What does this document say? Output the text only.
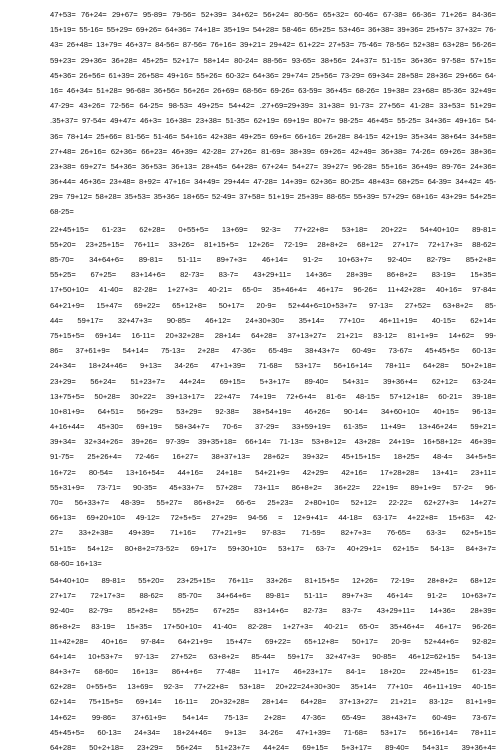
47+53= 76+24= 29+67= 95-89= 79-56= 52+39= 34+62= 56+24= 80-56= 65+32= 60-46= 67-38= 66-36= 71+26= 84-36=
15+19= 55-16= 55+29= 69+26= 64+36= 74+18= 35+19= 54+28= 58-46= 65+25= 53+46= 36+38= 39+36= 25+57= 37+32= 76-
43= 26+48= 13+79= 46+37= 84-56= 87-56= 76+16= 39+21= 29+42= 61+22= 27+53= 75-46= 78-56= 52+38= 63+28= 56-26=
59+23= 29+36= 36+28= 45+25= 52+17= 58+14= 80-24= 88-56= 93-65= 38+56= 24+37= 51-15= 36+36= 97-58= 57+15=
45+36= 26+56= 61+39= 26+58= 49+16= 55+26= 60-32= 64+36= 29+74= 25+56= 73-29= 69+34= 28+58= 28+36= 29+66= 64-
16= 46+34= 51+28= 96-68= 36+56= 56+26= 26+69= 68-56= 69-26= 63-59= 36+45= 68-26= 19+38= 23+68= 85-36= 32+49=
47-29= 43+26= 72-56= 64-25= 98-53= 49+25= 54+42= .27+69=29+39= 31+38= 91-73= 27+56= 41-28= 33+53= 51+29=
.35+37= 97-54= 49+47= 46+3= 16+38= 23+38= 51-35= 62+19= 69+19= 80+7= 98-25= 46+45= 55-25= 34+36= 49+16= 54-
36= 78+14= 25+66= 81-56= 51-46= 54+16= 42+38= 49+25= 69+6= 66+16= 26+28= 84-15= 42+19= 35+34= 38+64= 34+58=
27+48= 26+16= 62+36= 66+23= 46+39= 42-28= 27+26= 81-69= 38+39= 69+26= 42+49= 36+38= 74-26= 69+26= 38+36=
23+38= 69+27= 54+36= 36+53= 36+13= 28+45= 64+28= 67+24= 54+27= 39+27= 96-28= 55+16= 36+49= 89-76= 24+36=
36+44= 46+36= 23+48= 8+92= 47+16= 34+49= 29+44= 47-28= 14+39= 62+36= 80-25= 48+43= 68+25= 64-39= 34+42= 45-
29= 79+12= 58+28= 35+53= 35+36= 18+65= 52-49= 37+58= 51+19= 25+39= 88-65= 55+39= 57+29= 68+16= 43+29= 54+25=
68-25=
22+45+15= 61-23= 62+28= 0+55+5= 13+69= 92-3= 77+22+8= 53+18= 20+22= 54+40+10= 89-81=
55+20= 23+25+15= 76+11= 33+26= 81+15+5= 12+26= 72-19= 28+8+2= 68+12= 27+17= 72+17+3= 88-62=
85-70= 34+64+6= 89-81= 51-11= 89+7+3= 46+14= 91-2= 10+63+7= 92-40= 82-79= 85+2+8=
55+25= 67+25= 83+14+6= 82-73= 83-7= 43+29+11= 14+36= 28+39= 86+8+2= 83-19= 15+35=
17+50+10= 41-40= 82-28= 1+27+3= 40-21= 65-0= 35+46+4= 46+17= 96-26= 11+42+28= 40+16= 97-84=
64+21+9= 15+47= 69+22= 65+12+8= 50+17= 20-9= 52+44+6=10+53+7= 97-13= 27+52= 63+8+2= 85-
44= 59+17= 32+47+3= 90-85= 46+12= 24+30+30= 35+14= 77+10= 46+11+19= 40-15= 62+14=
75+15+5= 69+14= 16-11= 20+32+28= 28+14= 64+28= 37+13+27= 21+21= 83-12= 81+1+9= 14+62= 99-
86= 37+61+9= 54+14= 75-13= 2+28= 47-36= 65-49= 38+43+7= 60-49= 73-67= 45+45+5= 60-13=
24+34= 18+24+46= 9+13= 34-26= 47+1+39= 71-68= 53+17= 56+16+14= 78+11= 64+28= 50+2+18=
23+29= 56+24= 51+23+7= 44+24= 69+15= 5+3+17= 89-40= 54+31= 39+36+4= 62+12= 63-24=
13+75+5= 50+28= 30+22= 39+13+17= 22+47= 74+19= 72+6+4= 81-6= 48-15= 57+12+18= 60-21= 39-18=
10+81+9= 64+51= 56+29= 53+29= 92-38= 38+54+19= 46+26= 90-14= 34+60+10= 40+15= 96-13=
4+16+44= 45+30= 69+19= 58+34+7= 70-6= 37-29= 33+59+19= 61-35= 11+49= 13+46+24= 59+21=
39+34= 32+34+26= 39+26= 97-39= 39+35+18= 66+14= 71-13= 53+8+12= 43+28= 24+19= 16+58+12= 46+39=
91-75= 25+26+4= 72-46= 16+27= 38+37+13= 28+62= 39+32= 45+15+15= 18+25= 48-4= 34+5+5=
16+72= 80-54= 13+16+54= 44+16= 24+18= 54+21+9= 42+29= 42+16= 17+28+28= 13+41= 23+11=
55+31+9= 73-71= 90-35= 45+33+7= 57+28= 73+11= 86+8+2= 36+22= 22+19= 89+1+9= 57-2= 96-
70= 56+33+7= 48-39= 55+27= 86+8+2= 66-6= 25+23= 2+80+10= 52+12= 22-22= 62+27+3= 14+27=
66+13= 69+20+10= 49-12= 72+5+5= 27+29= 94-56 = 12+9+41= 44-18= 63-17= 4+22+8= 15+63= 42-
27= 33+2+38= 49+39= 71+16= 77+21+9= 97-83= 71-59= 82+7+3= 76-65= 63-3= 62+5+15=
51+15= 54+12= 80+8+2=73-52= 69+17= 59+30+10= 53+17= 63-7= 40+29+1= 62+15= 54-13= 84+3+7=
68-60= 16+13=
54+40+10= 89-81= 55+20= 23+25+15= 76+11= 33+26= 81+15+5= 12+26= 72-19= 28+8+2= 68+12=
27+17= 72+17+3= 88-62= 85-70= 34+64+6= 89-81= 51-11= 89+7+3= 46+14= 91-2= 10+63+7=
92-40= 82-79= 85+2+8= 55+25= 67+25= 83+14+6= 82-73= 83-7= 43+29+11= 14+36= 28+39=
86+8+2= 83-19= 15+35= 17+50+10= 41-40= 82-28= 1+27+3= 40-21= 65-0= 35+46+4= 46+17= 96-26=
11+42+28= 40+16= 97-84= 64+21+9= 15+47= 69+22= 65+12+8= 50+17= 20-9= 52+44+6= 92-82=
64+14= 10+53+7= 97-13= 27+52= 63+8+2= 85-44= 59+17= 32+47+3= 90-85= 46+12=62+15= 54-13=
84+3+7= 68-60= 16+13= 86+4+6= 77-48= 11+17= 46+23+17= 84-1= 18+20= 22+45+15= 61-23=
62+28= 0+55+5= 13+69= 92-3= 77+22+8= 53+18= 20+22=24+30+30= 35+14= 77+10= 46+11+19= 40-15=
62+14= 75+15+5= 69+14= 16-11= 20+32+28= 28+14= 64+28= 37+13+27= 21+21= 83-12= 81+1+9=
14+62= 99-86= 37+61+9= 54+14= 75-13= 2+28= 47-36= 65-49= 38+43+7= 60-49= 73-67=
45+45+5= 60-13= 24+34= 18+24+46= 9+13= 34-26= 47+1+39= 71-68= 53+17= 56+16+14= 78+11=
64+28= 50+2+18= 23+29= 56+24= 51+23+7= 44+24= 69+15= 5+3+17= 89-40= 54+31= 39+36+4=
